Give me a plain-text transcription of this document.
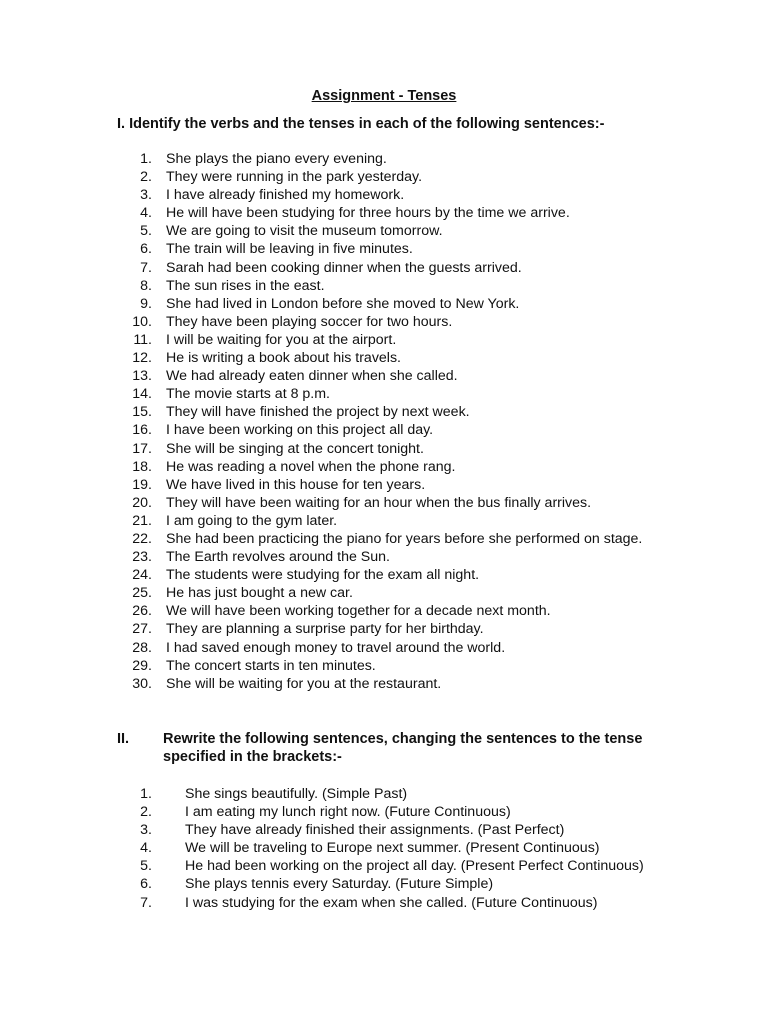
Assignment - Tenses
I. Identify the verbs and the tenses in each of the following sentences:-
1. She plays the piano every evening.
2. They were running in the park yesterday.
3. I have already finished my homework.
4. He will have been studying for three hours by the time we arrive.
5. We are going to visit the museum tomorrow.
6. The train will be leaving in five minutes.
7. Sarah had been cooking dinner when the guests arrived.
8. The sun rises in the east.
9. She had lived in London before she moved to New York.
10. They have been playing soccer for two hours.
11. I will be waiting for you at the airport.
12. He is writing a book about his travels.
13. We had already eaten dinner when she called.
14. The movie starts at 8 p.m.
15. They will have finished the project by next week.
16. I have been working on this project all day.
17. She will be singing at the concert tonight.
18. He was reading a novel when the phone rang.
19. We have lived in this house for ten years.
20. They will have been waiting for an hour when the bus finally arrives.
21. I am going to the gym later.
22. She had been practicing the piano for years before she performed on stage.
23. The Earth revolves around the Sun.
24. The students were studying for the exam all night.
25. He has just bought a new car.
26. We will have been working together for a decade next month.
27. They are planning a surprise party for her birthday.
28. I had saved enough money to travel around the world.
29. The concert starts in ten minutes.
30. She will be waiting for you at the restaurant.
II.	Rewrite the following sentences, changing the sentences to the tense specified in the brackets:-
1. She sings beautifully. (Simple Past)
2. I am eating my lunch right now. (Future Continuous)
3. They have already finished their assignments. (Past Perfect)
4. We will be traveling to Europe next summer. (Present Continuous)
5. He had been working on the project all day. (Present Perfect Continuous)
6. She plays tennis every Saturday. (Future Simple)
7. I was studying for the exam when she called. (Future Continuous)
